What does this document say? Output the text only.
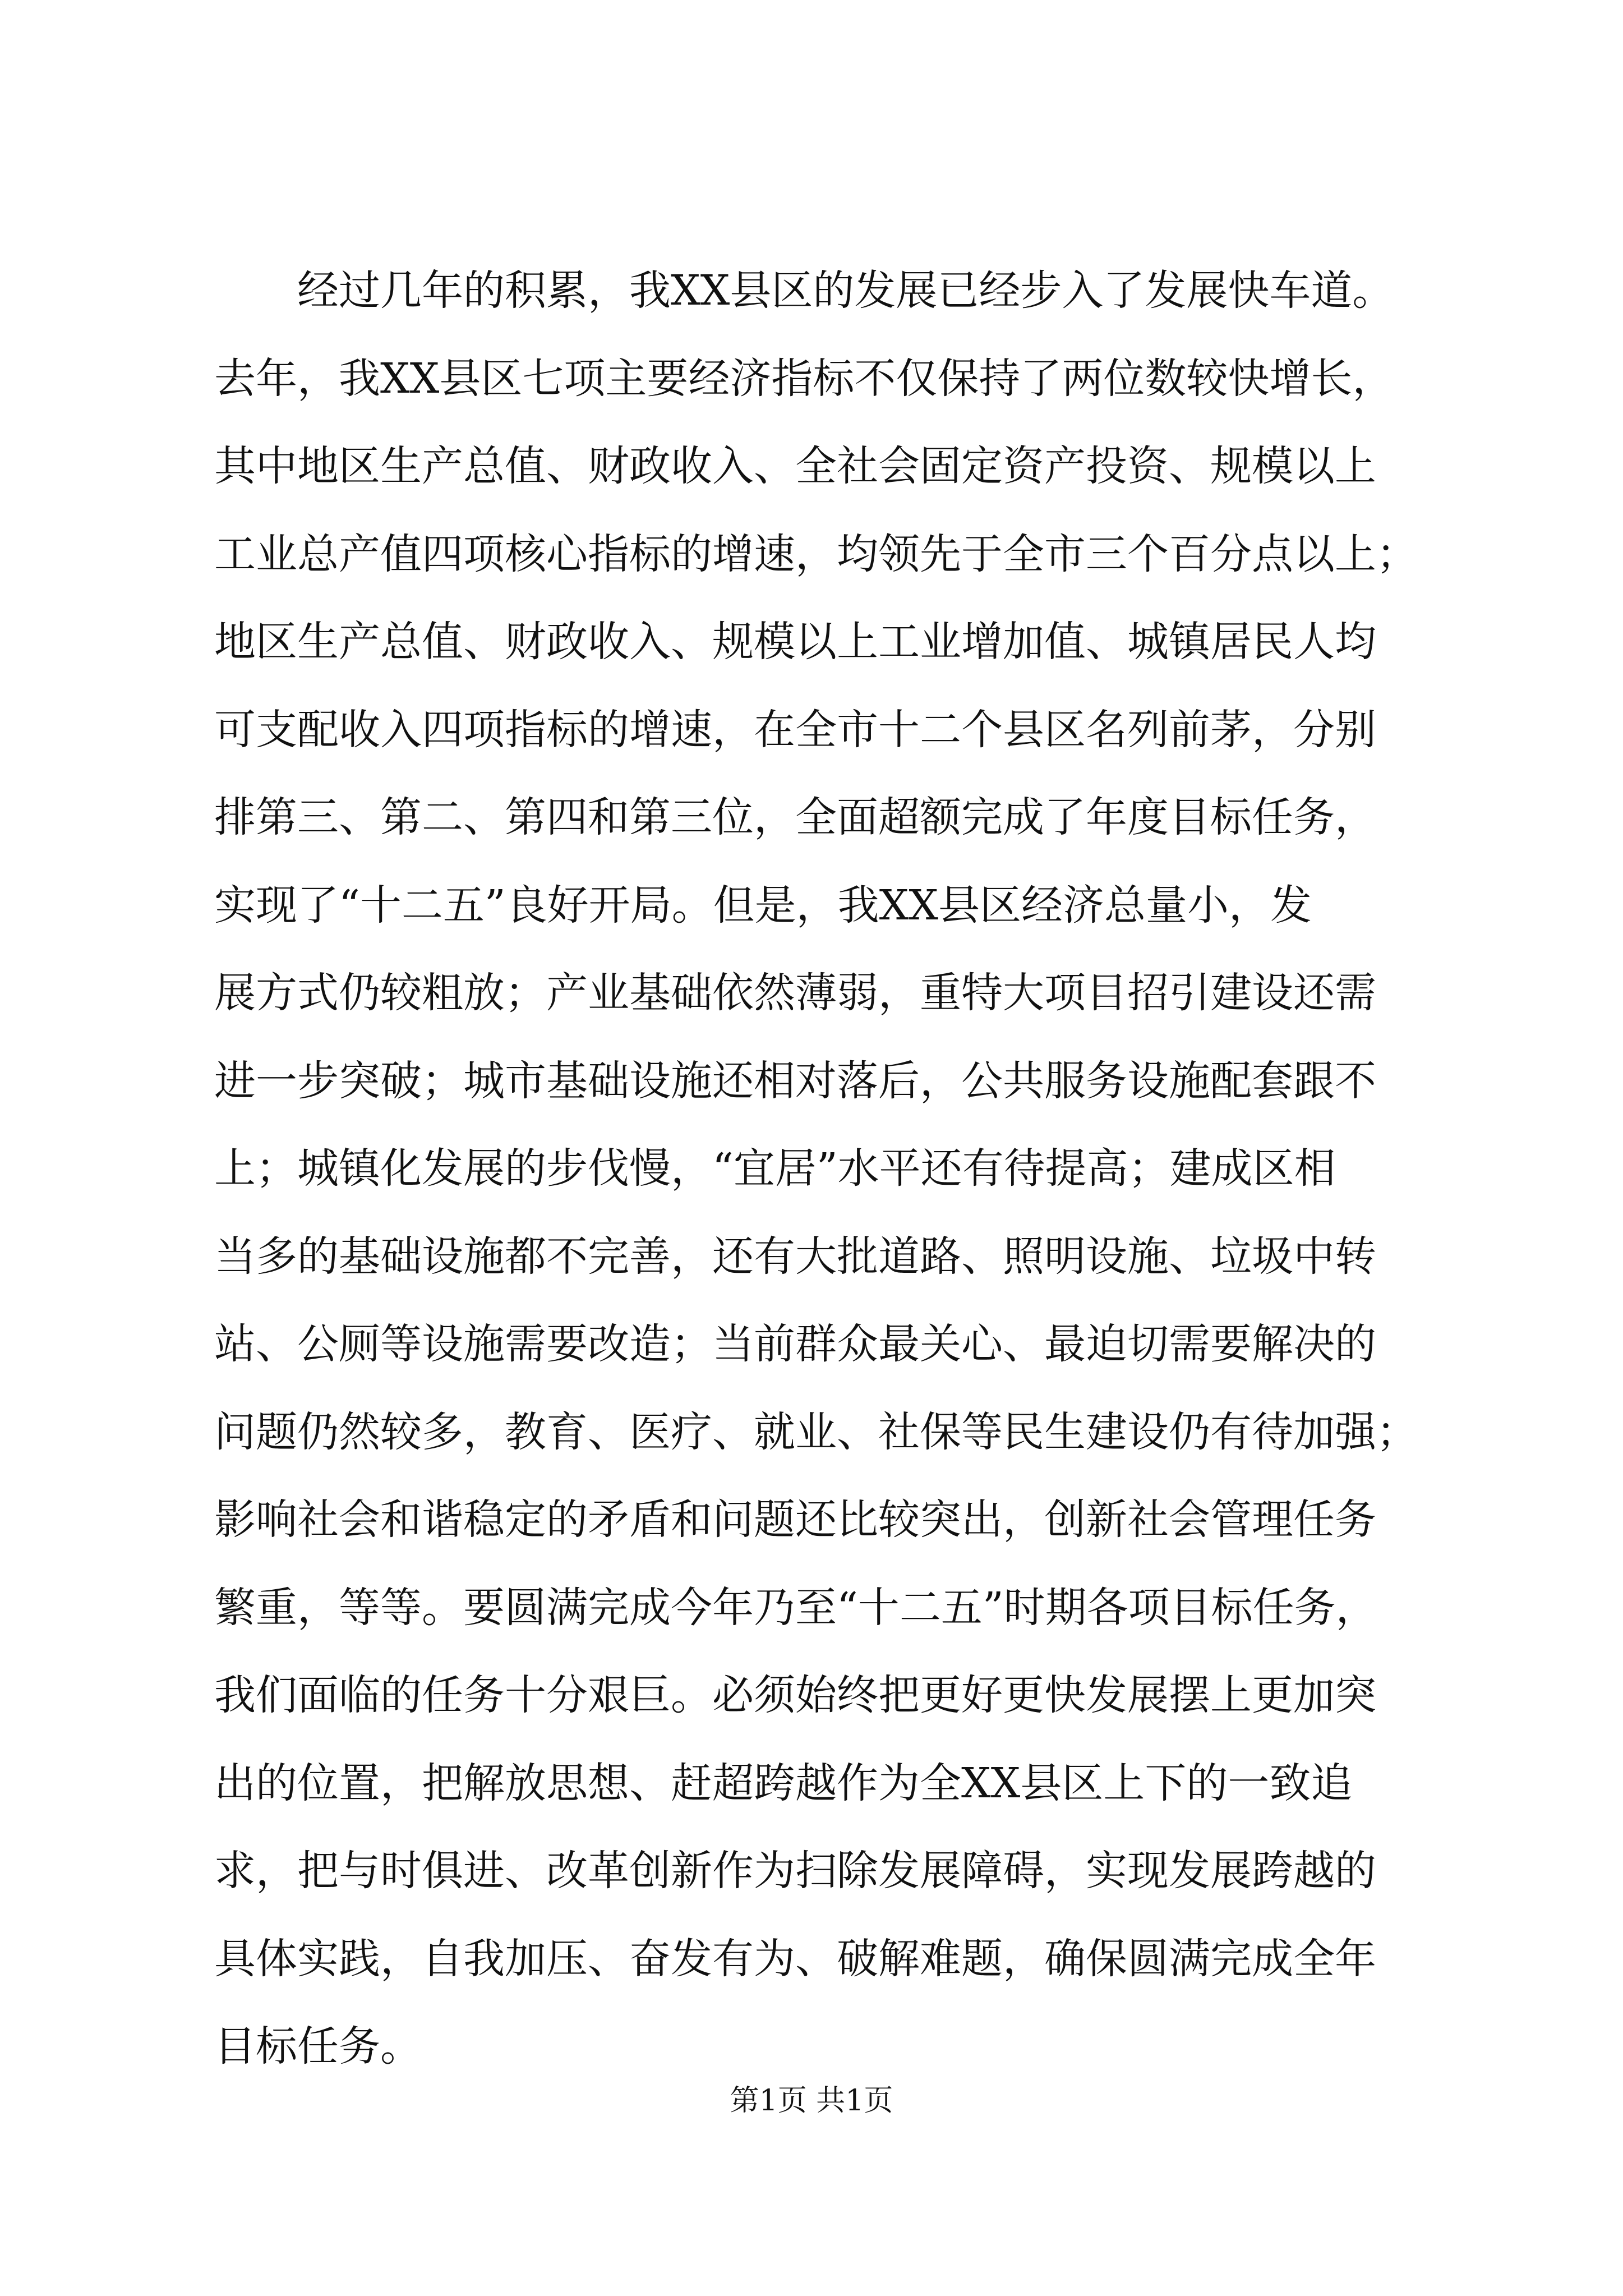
经过几年的积累，我XX县区的发展已经步入了发展快车道。
去年，我XX县区七项主要经济指标不仅保持了两位数较快增长，
其中地区生产总值、财政收入、全社会固定资产投资、规模以上
工业总产值四项核心指标的增速，均领先于全市三个百分点以上；
地区生产总值、财政收入、规模以上工业增加值、城镇居民人均
可支配收入四项指标的增速，在全市十二个县区名列前茅，分别
排第三、第二、第四和第三位，全面超额完成了年度目标任务，
实现了“十二五”良好开局。但是，我XX县区经济总量小，发
展方式仍较粗放；产业基础依然薄弱，重特大项目招引建设还需
进一步突破；城市基础设施还相对落后，公共服务设施配套跟不
上；城镇化发展的步伐慢，“宜居”水平还有待提高；建成区相
当多的基础设施都不完善，还有大批道路、照明设施、垃圾中转
站、公厕等设施需要改造；当前群众最关心、最迫切需要解决的
问题仍然较多，教育、医疗、就业、社保等民生建设仍有待加强；
影响社会和谐稳定的矛盾和问题还比较突出，创新社会管理任务
繁重，等等。要圆满完成今年乃至“十二五”时期各项目标任务，
我们面临的任务十分艰巨。必须始终把更好更快发展摆上更加突
出的位置，把解放思想、赶超跨越作为全XX县区上下的一致追
求，把与时俱进、改革创新作为扫除发展障碍，实现发展跨越的
具体实践，自我加压、奋发有为、破解难题，确保圆满完成全年
目标任务。
第1页 共1页
